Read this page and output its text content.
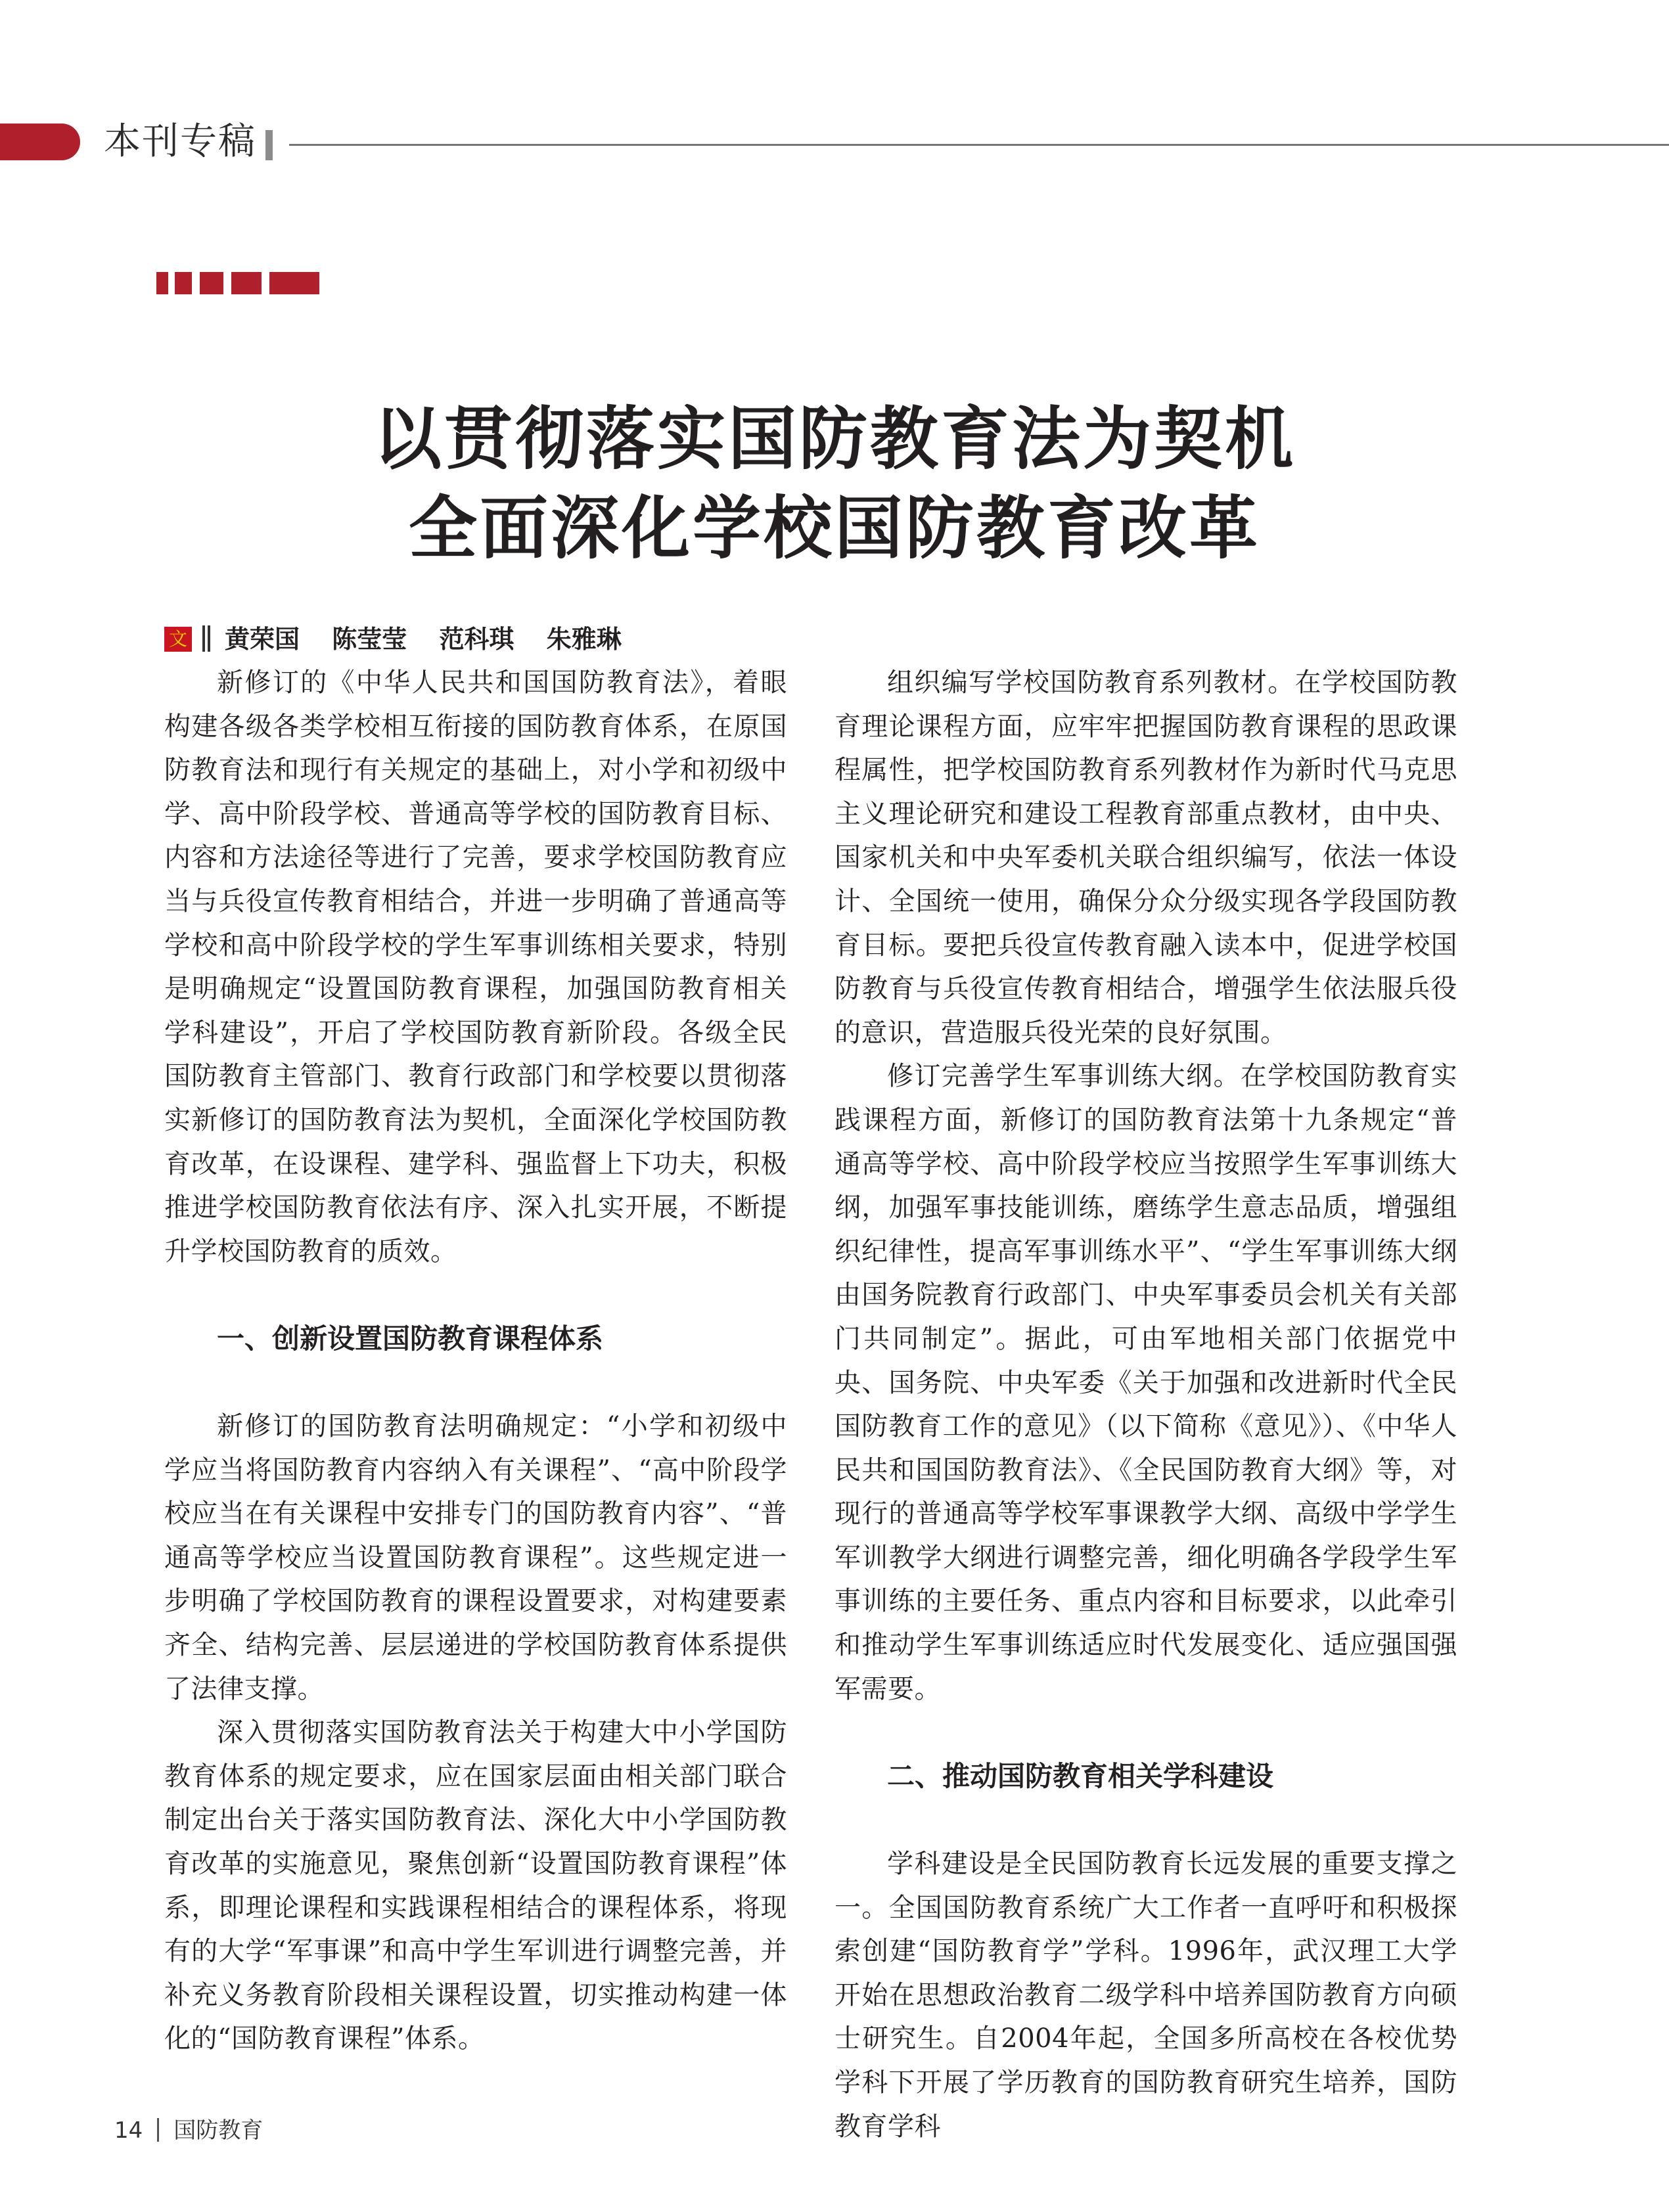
本刊专稿
以贯彻落实国防教育法为契机
全面深化学校国防教育改革
文 黄荣国 陈莹莹 范科琪 朱雅琳

新修订的《中华人民共和国国防教育法》，着眼构建各级各类学校相互衔接的国防教育体系，在原国防教育法和现行有关规定的基础上，对小学和初级中学、高中阶段学校、普通高等学校的国防教育目标、内容和方法途径等进行了完善，要求学校国防教育应当与兵役宣传教育相结合，并进一步明确了普通高等学校和高中阶段学校的学生军事训练相关要求，特别是明确规定“设置国防教育课程，加强国防教育相关学科建设”，开启了学校国防教育新阶段。各级全民国防教育主管部门、教育行政部门和学校要以贯彻落实新修订的国防教育法为契机，全面深化学校国防教育改革，在设课程、建学科、强监督上下功夫，积极推进学校国防教育依法有序、深入扎实开展，不断提升学校国防教育的质效。

一、创新设置国防教育课程体系

新修订的国防教育法明确规定：“小学和初级中学应当将国防教育内容纳入有关课程”、“高中阶段学校应当在有关课程中安排专门的国防教育内容”、“普通高等学校应当设置国防教育课程”。这些规定进一步明确了学校国防教育的课程设置要求，对构建要素齐全、结构完善、层层递进的学校国防教育体系提供了法律支撑。

深入贯彻落实国防教育法关于构建大中小学国防教育体系的规定要求，应在国家层面由相关部门联合制定出台关于落实国防教育法、深化大中小学国防教育改革的实施意见，聚焦创新“设置国防教育课程”体系，即理论课程和实践课程相结合的课程体系，将现有的大学“军事课”和高中学生军训进行调整完善，并补充义务教育阶段相关课程设置，切实推动构建一体化的“国防教育课程”体系。

组织编写学校国防教育系列教材。在学校国防教育理论课程方面，应牢牢把握国防教育课程的思政课程属性，把学校国防教育系列教材作为新时代马克思主义理论研究和建设工程教育部重点教材，由中央、国家机关和中央军委机关联合组织编写，依法一体设计、全国统一使用，确保分众分级实现各学段国防教育目标。要把兵役宣传教育融入读本中，促进学校国防教育与兵役宣传教育相结合，增强学生依法服兵役的意识，营造服兵役光荣的良好氛围。

修订完善学生军事训练大纲。在学校国防教育实践课程方面，新修订的国防教育法第十九条规定“普通高等学校、高中阶段学校应当按照学生军事训练大纲，加强军事技能训练，磨练学生意志品质，增强组织纪律性，提高军事训练水平”、“学生军事训练大纲由国务院教育行政部门、中央军事委员会机关有关部门共同制定”。据此，可由军地相关部门依据党中央、国务院、中央军委《关于加强和改进新时代全民国防教育工作的意见》（以下简称《意见》）、《中华人民共和国国防教育法》、《全民国防教育大纲》等，对现行的普通高等学校军事课教学大纲、高级中学学生军训教学大纲进行调整完善，细化明确各学段学生军事训练的主要任务、重点内容和目标要求，以此牵引和推动学生军事训练适应时代发展变化、适应强国强军需要。

二、推动国防教育相关学科建设

学科建设是全民国防教育长远发展的重要支撑之一。全国国防教育系统广大工作者一直呼吁和积极探索创建“国防教育学”学科。1996年，武汉理工大学开始在思想政治教育二级学科中培养国防教育方向硕士研究生。自2004年起，全国多所高校在各校优势学科下开展了学历教育的国防教育研究生培养，国防教育学科

14 国防教育
